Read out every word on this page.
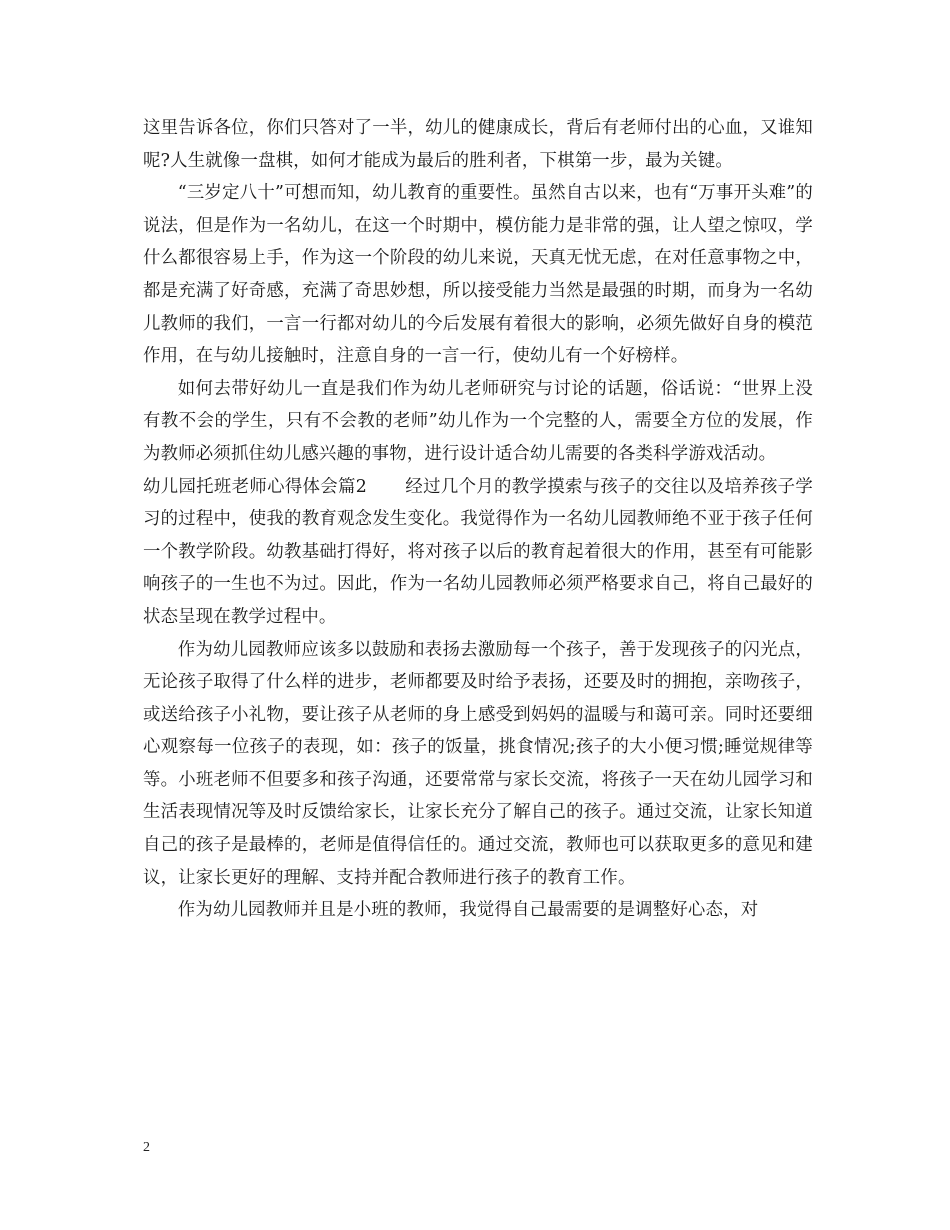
这里告诉各位，你们只答对了一半，幼儿的健康成长，背后有老师付出的心血，又谁知呢?人生就像一盘棋，如何才能成为最后的胜利者，下棋第一步，最为关键。

“三岁定八十”可想而知，幼儿教育的重要性。虽然自古以来，也有“万事开头难”的说法，但是作为一名幼儿，在这一个时期中，模仿能力是非常的强，让人望之惊叹，学什么都很容易上手，作为这一个阶段的幼儿来说，天真无忧无虑，在对任意事物之中，都是充满了好奇感，充满了奇思妙想，所以接受能力当然是最强的时期，而身为一名幼儿教师的我们，一言一行都对幼儿的今后发展有着很大的影响，必须先做好自身的模范作用，在与幼儿接触时，注意自身的一言一行，使幼儿有一个好榜样。

如何去带好幼儿一直是我们作为幼儿老师研究与讨论的话题，俗话说：“世界上没有教不会的学生，只有不会教的老师”幼儿作为一个完整的人，需要全方位的发展，作为教师必须抓住幼儿感兴趣的事物，进行设计适合幼儿需要的各类科学游戏活动。

幼儿园托班老师心得体会篇2 经过几个月的教学摸索与孩子的交往以及培养孩子学习的过程中，使我的教育观念发生变化。我觉得作为一名幼儿园教师绝不亚于孩子任何一个教学阶段。幼教基础打得好，将对孩子以后的教育起着很大的作用，甚至有可能影响孩子的一生也不为过。因此，作为一名幼儿园教师必须严格要求自己，将自己最好的状态呈现在教学过程中。

作为幼儿园教师应该多以鼓励和表扬去激励每一个孩子，善于发现孩子的闪光点，无论孩子取得了什么样的进步，老师都要及时给予表扬，还要及时的拥抱，亲吻孩子，或送给孩子小礼物，要让孩子从老师的身上感受到妈妈的温暖与和蔼可亲。同时还要细心观察每一位孩子的表现，如：孩子的饭量，挑食情况;孩子的大小便习惯;睡觉规律等等。小班老师不但要多和孩子沟通，还要常常与家长交流，将孩子一天在幼儿园学习和生活表现情况等及时反馈给家长，让家长充分了解自己的孩子。通过交流，让家长知道自己的孩子是最棒的，老师是值得信任的。通过交流，教师也可以获取更多的意见和建议，让家长更好的理解、支持并配合教师进行孩子的教育工作。

作为幼儿园教师并且是小班的教师，我觉得自己最需要的是调整好心态，对

2
